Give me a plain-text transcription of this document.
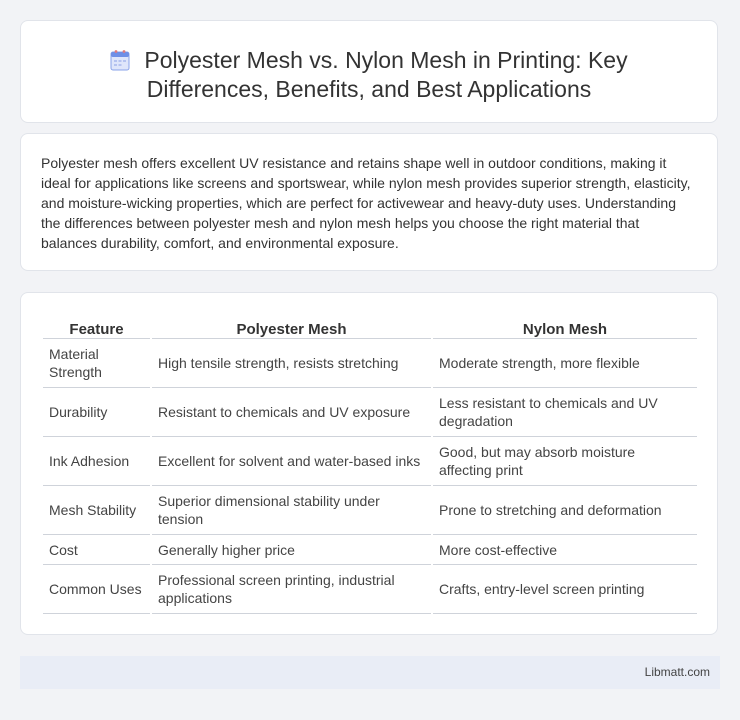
Polyester Mesh vs. Nylon Mesh in Printing: Key Differences, Benefits, and Best Applications

Polyester mesh offers excellent UV resistance and retains shape well in outdoor conditions, making it ideal for applications like screens and sportswear, while nylon mesh provides superior strength, elasticity, and moisture-wicking properties, which are perfect for activewear and heavy-duty uses. Understanding the differences between polyester mesh and nylon mesh helps you choose the right material that balances durability, comfort, and environmental exposure.

Feature	Polyester Mesh	Nylon Mesh
Material Strength	High tensile strength, resists stretching	Moderate strength, more flexible
Durability	Resistant to chemicals and UV exposure	Less resistant to chemicals and UV degradation
Ink Adhesion	Excellent for solvent and water-based inks	Good, but may absorb moisture affecting print
Mesh Stability	Superior dimensional stability under tension	Prone to stretching and deformation
Cost	Generally higher price	More cost-effective
Common Uses	Professional screen printing, industrial applications	Crafts, entry-level screen printing
Libmatt.com
